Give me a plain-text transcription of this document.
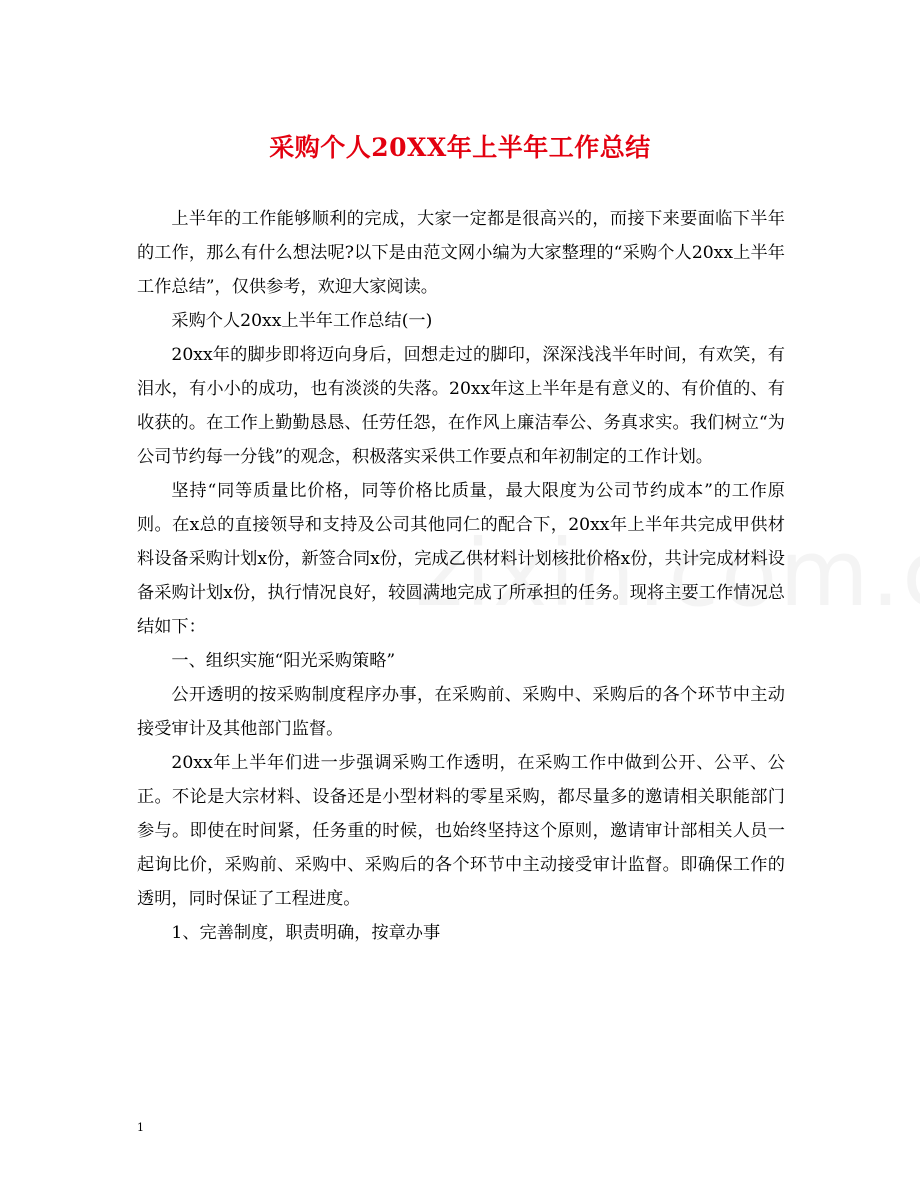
采购个人20XX年上半年工作总结

上半年的工作能够顺利的完成，大家一定都是很高兴的，而接下来要面临下半年的工作，那么有什么想法呢?以下是由范文网小编为大家整理的“采购个人20xx上半年工作总结”，仅供参考，欢迎大家阅读。

采购个人20xx上半年工作总结(一)

20xx年的脚步即将迈向身后，回想走过的脚印，深深浅浅半年时间，有欢笑，有泪水，有小小的成功，也有淡淡的失落。20xx年这上半年是有意义的、有价值的、有收获的。在工作上勤勤恳恳、任劳任怨，在作风上廉洁奉公、务真求实。我们树立“为公司节约每一分钱”的观念，积极落实采供工作要点和年初制定的工作计划。

坚持“同等质量比价格，同等价格比质量，最大限度为公司节约成本”的工作原则。在x总的直接领导和支持及公司其他同仁的配合下，20xx年上半年共完成甲供材料设备采购计划x份，新签合同x份，完成乙供材料计划核批价格x份，共计完成材料设备采购计划x份，执行情况良好，较圆满地完成了所承担的任务。现将主要工作情况总结如下：

一、组织实施“阳光采购策略”

公开透明的按采购制度程序办事，在采购前、采购中、采购后的各个环节中主动接受审计及其他部门监督。

20xx年上半年们进一步强调采购工作透明，在采购工作中做到公开、公平、公正。不论是大宗材料、设备还是小型材料的零星采购，都尽量多的邀请相关职能部门参与。即使在时间紧，任务重的时候，也始终坚持这个原则，邀请审计部相关人员一起询比价，采购前、采购中、采购后的各个环节中主动接受审计监督。即确保工作的透明，同时保证了工程进度。

1、完善制度，职责明确，按章办事

1
